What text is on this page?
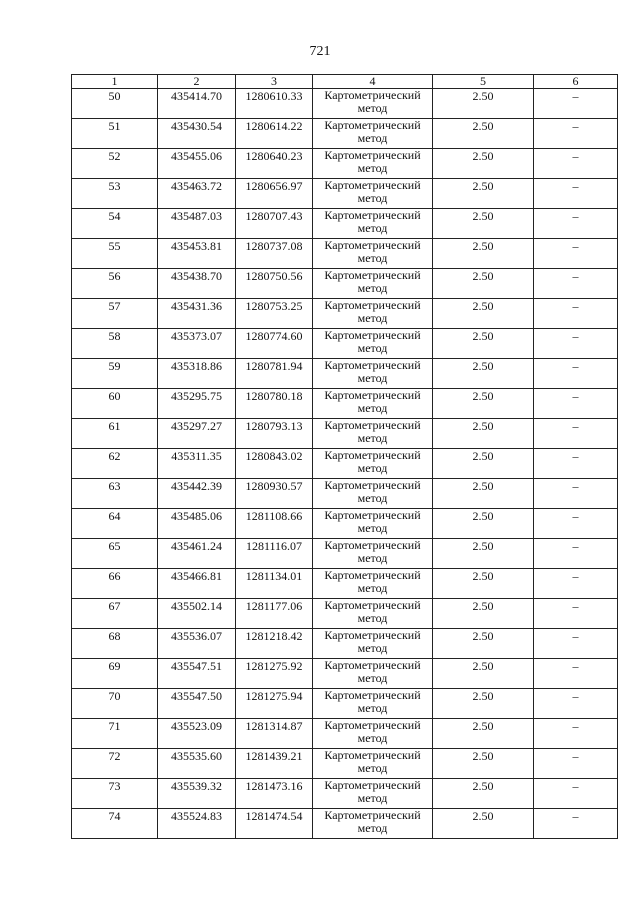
721
1	2	3	4	5	6
50	435414.70	1280610.33	Картометрический метод	2.50	–
51	435430.54	1280614.22	Картометрический метод	2.50	–
52	435455.06	1280640.23	Картометрический метод	2.50	–
53	435463.72	1280656.97	Картометрический метод	2.50	–
54	435487.03	1280707.43	Картометрический метод	2.50	–
55	435453.81	1280737.08	Картометрический метод	2.50	–
56	435438.70	1280750.56	Картометрический метод	2.50	–
57	435431.36	1280753.25	Картометрический метод	2.50	–
58	435373.07	1280774.60	Картометрический метод	2.50	–
59	435318.86	1280781.94	Картометрический метод	2.50	–
60	435295.75	1280780.18	Картометрический метод	2.50	–
61	435297.27	1280793.13	Картометрический метод	2.50	–
62	435311.35	1280843.02	Картометрический метод	2.50	–
63	435442.39	1280930.57	Картометрический метод	2.50	–
64	435485.06	1281108.66	Картометрический метод	2.50	–
65	435461.24	1281116.07	Картометрический метод	2.50	–
66	435466.81	1281134.01	Картометрический метод	2.50	–
67	435502.14	1281177.06	Картометрический метод	2.50	–
68	435536.07	1281218.42	Картометрический метод	2.50	–
69	435547.51	1281275.92	Картометрический метод	2.50	–
70	435547.50	1281275.94	Картометрический метод	2.50	–
71	435523.09	1281314.87	Картометрический метод	2.50	–
72	435535.60	1281439.21	Картометрический метод	2.50	–
73	435539.32	1281473.16	Картометрический метод	2.50	–
74	435524.83	1281474.54	Картометрический метод	2.50	–
